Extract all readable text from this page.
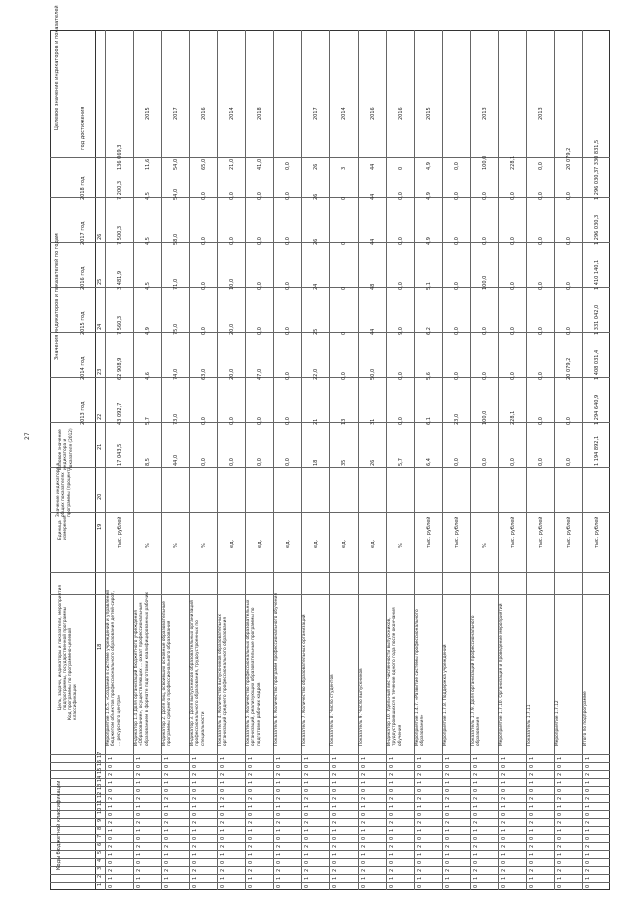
27
Коды бюджетной классификации
Код программы по программно-целевой классификации
Цель, задачи, индикаторы и показатели, мероприятия подпрограммы, государственной программы
Единица измерения
Значение индикатора в общих показателях программы (процент)
Базовое значение индикатора и показателя (2012)
Значения индикаторов и показателей по годам
Целевое значение индикаторов и показателей
2013 год
2014 год
2015 год
2016 год
2017 год
2018 год
год достижения
1
2
3
4
5
6
7
8
9
10
11
12
13
14
15
16
17
18
19
20
21
22
23
24
25
26
0
1
2
0
1
2
0
1
2
0
1
2
0
1
2
0
1
Мероприятие 1.6.5. «Создание в системе учреждений и управлений бюджетом объектов профессионального образования детей-сирот, ... ресурсного центра»
тыс. рублей
17 043,5
43 092,7
62 908,9
7 560,3
3 481,9
7 500,3
7 200,3
136 069,3
0
1
2
0
1
2
0
1
2
0
1
2
0
1
2
0
1
Индикатор 1.4 Доля организаций бюджетного учреждения «Образование», осуществляющих ... охват профессиональным образованием в формате подготовки квалифицированных рабочих
%
8,5
5,7
4,6
4,9
4,5
4,5
4,5
11,6
2015
0
1
2
0
1
2
0
1
2
0
1
2
0
1
2
0
1
Индикатор 2. Доля лиц, освоивших основные образовательные программы среднего профессионального образования
%
44,0
73,0
74,0
75,0
71,0
58,0
54,0
54,0
2017
0
1
2
0
1
2
0
1
2
0
1
2
0
1
2
0
1
Индикатор 3. Доля выпускников образовательных организаций профессионального образования, трудоустроенных по специальности
%
0,0
0,0
63,0
0,0
0,0
0,0
0,0
65,0
2016
0
1
2
0
1
2
0
1
2
0
1
2
0
1
2
0
1
Показатель 4. Количество выпускников образовательных организаций среднего профессионального образования
ед.
0,0
0,0
20,0
20,0
10,0
0,0
0,0
21,0
2014
0
1
2
0
1
2
0
1
2
0
1
2
0
1
2
0
1
Показатель 5. Количество профессиональных образовательных организаций, реализующих образовательные программы по подготовке рабочих кадров
ед.
0,0
0,0
47,0
0,0
0,0
0,0
0,0
41,0
2018
0
1
2
0
1
2
0
1
2
0
1
2
0
1
2
0
1
Показатель 6. Количество программ профессионального обучения
ед.
0,0
0,0
0,0
0,0
0,0
0,0
0,0
0,0
0
1
2
0
1
2
0
1
2
0
1
2
0
1
2
0
1
Показатель 7. Количество образовательных организаций
ед.
18
21
22,0
25
24
26
26
26
2017
0
1
2
0
1
2
0
1
2
0
1
2
0
1
2
0
1
Показатель 8. Число студентов
ед.
35
13
0,0
0
0
0
0
3
2014
0
1
2
0
1
2
0
1
2
0
1
2
0
1
2
0
1
Показатель 9. Число выпускников
ед.
26
31
50,0
44
48
44
44
44
2016
0
1
2
0
1
2
0
1
2
0
1
2
0
1
2
0
1
Индикатор 10. Удельный вес численности выпускников, трудоустроившихся в течение одного года после окончания обучения
%
5,7
0,0
0,0
9,0
0,0
0,0
0,0
0
2016
0
1
2
0
1
2
0
1
2
0
1
2
0
1
2
0
1
Мероприятие 1.4.7. «Развитие системы профессионального образования»
тыс. рублей
6,4
6,1
5,6
6,2
5,1
4,9
4,9
4,9
2015
0
1
2
0
1
2
0
1
2
0
1
2
0
1
2
0
1
Мероприятие 1.7.8. Поддержка учреждений
тыс. рублей
0,0
23,0
0,0
0,0
0,0
0,0
0,0
0,0
0
1
2
0
1
2
0
1
2
0
1
2
0
1
2
0
1
Показатель 1.7.9. Доля организаций профессионального образования
%
0,0
100,0
0,0
0,0
100,0
0,0
0,0
100,0
2013
0
1
2
0
1
2
0
1
2
0
1
2
0
1
2
0
1
Мероприятие 1.7.10. Организация и проведение мероприятий
тыс. рублей
0,0
228,1
0,0
0,0
0,0
0,0
0,0
228,1
0
1
2
0
1
2
0
1
2
0
1
2
0
1
2
0
1
Показатель 1.7.11
тыс. рублей
0,0
0,0
0,0
0,0
0,0
0,0
0,0
0,0
2013
0
1
2
0
1
2
0
1
2
0
1
2
0
1
2
0
1
Мероприятие 1.7.12
тыс. рублей
0,0
0,0
20 079,2
0,0
0,0
0,0
0,0
20 079,2
0
1
2
0
1
2
0
1
2
0
1
2
0
1
2
0
1
Итого по подпрограмме
тыс. рублей
1 194 892,1
1 294 640,9
1 408 031,4
1 331 042,0
1 410 140,1
1 296 030,3
1 296 030,3
7 330 831,5
